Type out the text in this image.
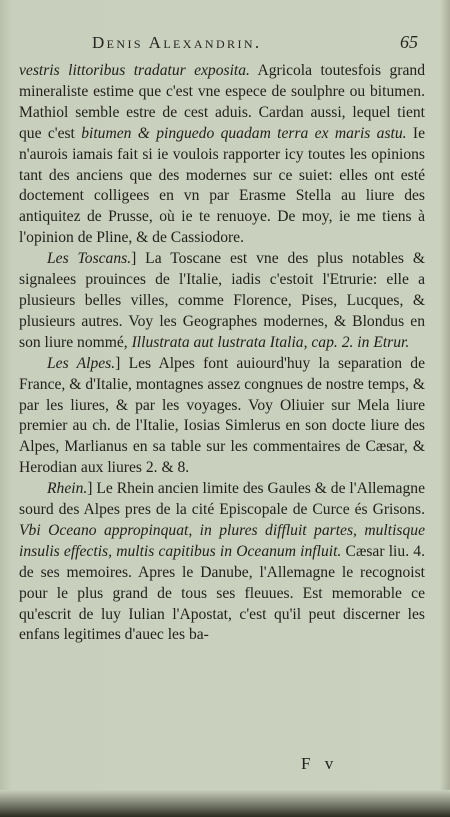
Denis Alexandrin.	65

vestris littoribus tradatur exposita. Agricola toutesfois grand mineraliste estime que c'est vne espece de soulphre ou bitumen. Mathiol semble estre de cest aduis. Cardan aussi, lequel tient que c'est bitumen & pinguedo quadam terra ex maris astu. Ie n'aurois iamais fait si ie voulois rapporter icy toutes les opinions tant des anciens que des modernes sur ce suiet: elles ont esté doctement colligees en vn par Erasme Stella au liure des antiquitez de Prusse, où ie te renuoye. De moy, ie me tiens à l'opinion de Pline, & de Cassiodore.

Les Toscans.] La Toscane est vne des plus notables & signalees prouinces de l'Italie, iadis c'estoit l'Etrurie: elle a plusieurs belles villes, comme Florence, Pises, Lucques, & plusieurs autres. Voy les Geographes modernes, & Blondus en son liure nommé, Illustrata aut lustrata Italia, cap. 2. in Etrur.

Les Alpes.] Les Alpes font auiourd'huy la separation de France, & d'Italie, montagnes assez congnues de nostre temps, & par les liures, & par les voyages. Voy Oliuier sur Mela liure premier au ch. de l'Italie, Iosias Simlerus en son docte liure des Alpes, Marlianus en sa table sur les commentaires de Cæsar, & Herodian aux liures 2. & 8.

Rhein.] Le Rhein ancien limite des Gaules & de l'Allemagne sourd des Alpes pres de la cité Episcopale de Curce és Grisons. Vbi Oceano appropinquat, in plures diffluit partes, multisque insulis effectis, multis capitibus in Oceanum influit. Cæsar liu. 4. de ses memoires. Apres le Danube, l'Allemagne le recognoist pour le plus grand de tous ses fleuues. Est memorable ce qu'escrit de luy Iulian l'Apostat, c'est qu'il peut discerner les enfans legitimes d'auec les ba-

F v
